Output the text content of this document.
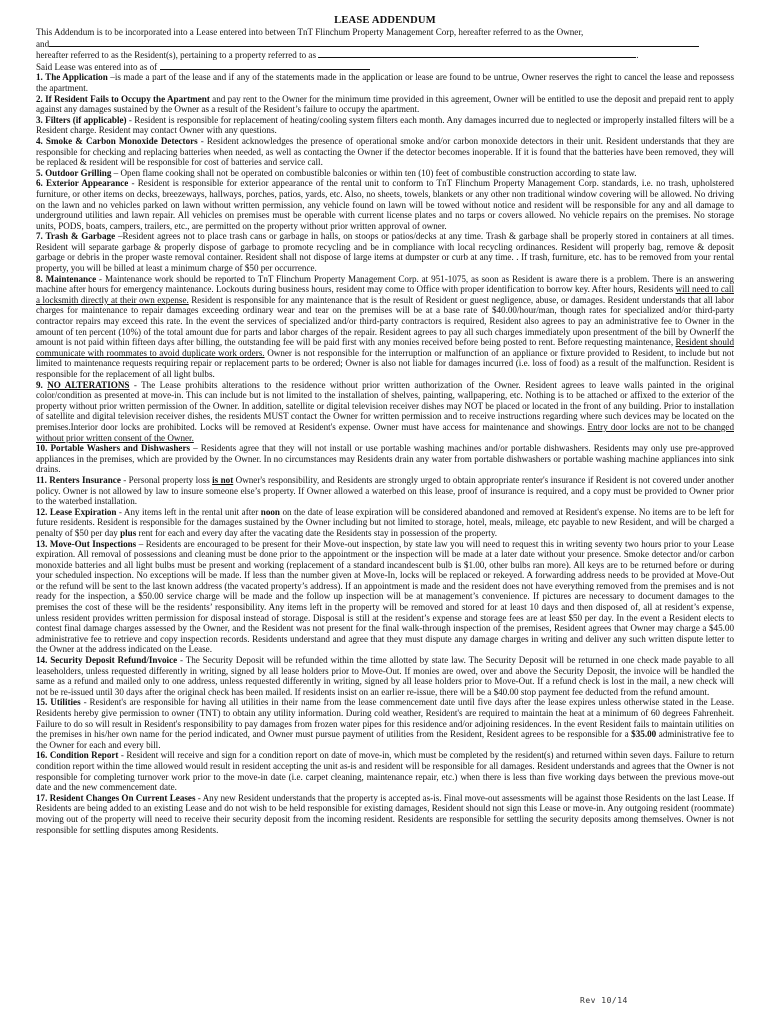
LEASE ADDENDUM
This Addendum is to be incorporated into a Lease entered into between TnT Flinchum Property Management Corp, hereafter referred to as the Owner,
and
hereafter referred to as the Resident(s), pertaining to a property referred to as	.
Said Lease was entered into as of

1. The Application –is made a part of the lease and if any of the statements made in the application or lease are found to be untrue, Owner reserves the right to cancel the lease and repossess the apartment.

2. If Resident Fails to Occupy the Apartment and pay rent to the Owner for the minimum time provided in this agreement, Owner will be entitled to use the deposit and prepaid rent to apply against any damages sustained by the Owner as a result of the Resident’s failure to occupy the apartment.

3. Filters (if applicable) - Resident is responsible for replacement of heating/cooling system filters each month. Any damages incurred due to neglected or improperly installed filters will be a Resident charge. Resident may contact Owner with any questions.

4. Smoke & Carbon Monoxide Detectors - Resident acknowledges the presence of operational smoke and/or carbon monoxide detectors in their unit. Resident understands that they are responsible for checking and replacing batteries when needed, as well as contacting the Owner if the detector becomes inoperable. If it is found that the batteries have been removed, they will be replaced & resident will be responsible for cost of batteries and service call.

5. Outdoor Grilling – Open flame cooking shall not be operated on combustible balconies or within ten (10) feet of combustible construction according to state law.

6. Exterior Appearance - Resident is responsible for exterior appearance of the rental unit to conform to TnT Flinchum Property Management Corp. standards, i.e. no trash, upholstered furniture, or other items on decks, breezeways, hallways, porches, patios, yards, etc. Also, no sheets, towels, blankets or any other non traditional window covering will be allowed. No driving on the lawn and no vehicles parked on lawn without written permission, any vehicle found on lawn will be towed without notice and resident will be responsible for any and all damage to underground utilities and lawn repair. All vehicles on premises must be operable with current license plates and no tarps or covers allowed. No vehicle repairs on the premises. No storage units, PODS, boats, campers, trailers, etc., are permitted on the property without prior written approval of owner.

7. Trash & Garbage –Resident agrees not to place trash cans or garbage in halls, on stoops or patios/decks at any time. Trash & garbage shall be properly stored in containers at all times. Resident will separate garbage & properly dispose of garbage to promote recycling and be in compliance with local recycling ordinances. Resident will properly bag, remove & deposit garbage or debris in the proper waste removal container. Resident shall not dispose of large items at dumpster or curb at any time. . If trash, furniture, etc. has to be removed from your rental property, you will be billed at least a minimum charge of $50 per occurrence.

8. Maintenance - Maintenance work should be reported to TnT Flinchum Property Management Corp. at 951-1075, as soon as Resident is aware there is a problem. There is an answering machine after hours for emergency maintenance. Lockouts during business hours, resident may come to Office with proper identification to borrow key. After hours, Residents will need to call a locksmith directly at their own expense. Resident is responsible for any maintenance that is the result of Resident or guest negligence, abuse, or damages. Resident understands that all labor charges for maintenance to repair damages exceeding ordinary wear and tear on the premises will be at a base rate of $40.00/hour/man, though rates for specialized and/or third-party contractor repairs may exceed this rate. In the event the services of specialized and/or third-party contractors is required, Resident also agrees to pay an administrative fee to Owner in the amount of ten percent (10%) of the total amount due for parts and labor charges of the repair. Resident agrees to pay all such charges immediately upon presentment of the bill by OwnerIf the amount is not paid within fifteen days after billing, the outstanding fee will be paid first with any monies received before being posted to rent. Before requesting maintenance, Resident should communicate with roommates to avoid duplicate work orders. Owner is not responsible for the interruption or malfunction of an appliance or fixture provided to Resident, to include but not limited to maintenance requests requiring repair or replacement parts to be ordered; Owner is also not liable for damages incurred (i.e. loss of food) as a result of the malfunction. Resident is responsible for the replacement of all light bulbs.

9. NO ALTERATIONS - The Lease prohibits alterations to the residence without prior written authorization of the Owner. Resident agrees to leave walls painted in the original color/condition as presented at move-in. This can include but is not limited to the installation of shelves, painting, wallpapering, etc. Nothing is to be attached or affixed to the exterior of the property without prior written permission of the Owner. In addition, satellite or digital television receiver dishes may NOT be placed or located in the front of any building. Prior to installation of satellite and digital television receiver dishes, the residents MUST contact the Owner for written permission and to receive instructions regarding where such devices may be located on the premises.Interior door locks are prohibited. Locks will be removed at Resident's expense. Owner must have access for maintenance and showings. Entry door locks are not to be changed without prior written consent of the Owner.

10. Portable Washers and Dishwashers – Residents agree that they will not install or use portable washing machines and/or portable dishwashers. Residents may only use pre-approved appliances in the premises, which are provided by the Owner. In no circumstances may Residents drain any water from portable dishwashers or portable washing machine appliances into sink drains.

11. Renters Insurance - Personal property loss is not Owner's responsibility, and Residents are strongly urged to obtain appropriate renter's insurance if Resident is not covered under another policy. Owner is not allowed by law to insure someone else’s property. If Owner allowed a waterbed on this lease, proof of insurance is required, and a copy must be provided to Owner prior to the waterbed installation.

12. Lease Expiration - Any items left in the rental unit after noon on the date of lease expiration will be considered abandoned and removed at Resident's expense. No items are to be left for future residents. Resident is responsible for the damages sustained by the Owner including but not limited to storage, hotel, meals, mileage, etc payable to new Resident, and will be charged a penalty of $50 per day plus rent for each and every day after the vacating date the Residents stay in possession of the property.

13. Move-Out Inspections – Residents are encouraged to be present for their Move-out inspection, by state law you will need to request this in writing seventy two hours prior to your Lease expiration. All removal of possessions and cleaning must be done prior to the appointment or the inspection will be made at a later date without your presence. Smoke detector and/or carbon monoxide batteries and all light bulbs must be present and working (replacement of a standard incandescent bulb is $1.00, other bulbs ran more). All keys are to be returned before or during your scheduled inspection. No exceptions will be made. If less than the number given at Move-In, locks will be replaced or rekeyed. A forwarding address needs to be provided at Move-Out or the refund will be sent to the last known address (the vacated property’s address). If an appointment is made and the resident does not have everything removed from the premises and is not ready for the inspection, a $50.00 service charge will be made and the follow up inspection will be at management’s convenience. If pictures are necessary to document damages to the premises the cost of these will be the residents’ responsibility. Any items left in the property will be removed and stored for at least 10 days and then disposed of, all at resident’s expense, unless resident provides written permission for disposal instead of storage. Disposal is still at the resident’s expense and storage fees are at least $50 per day. In the event a Resident elects to contest final damage charges assessed by the Owner, and the Resident was not present for the final walk-through inspection of the premises, Resident agrees that Owner may charge a $45.00 administrative fee to retrieve and copy inspection records. Residents understand and agree that they must dispute any damage charges in writing and deliver any such written dispute letter to the Owner at the address indicated on the Lease.

14. Security Deposit Refund/Invoice - The Security Deposit will be refunded within the time allotted by state law. The Security Deposit will be returned in one check made payable to all leaseholders, unless requested differently in writing, signed by all lease holders prior to Move-Out. If monies are owed, over and above the Security Deposit, the invoice will be handled the same as a refund and mailed only to one address, unless requested differently in writing, signed by all lease holders prior to Move-Out. If a refund check is lost in the mail, a new check will not be re-issued until 30 days after the original check has been mailed. If residents insist on an earlier re-issue, there will be a $40.00 stop payment fee deducted from the refund amount.

15. Utilities - Resident's are responsible for having all utilities in their name from the lease commencement date until five days after the lease expires unless otherwise stated in the Lease. Residents hereby give permission to owner (TNT) to obtain any utility information. During cold weather, Resident's are required to maintain the heat at a minimum of 60 degrees Fahrenheit. Failure to do so will result in Resident's responsibility to pay damages from frozen water pipes for this residence and/or adjoining residences. In the event Resident fails to maintain utilities on the premises in his/her own name for the period indicated, and Owner must pursue payment of utilities from the Resident, Resident agrees to be responsible for a $35.00 administrative fee to the Owner for each and every bill.

16. Condition Report - Resident will receive and sign for a condition report on date of move-in, which must be completed by the resident(s) and returned within seven days. Failure to return condition report within the time allowed would result in resident accepting the unit as-is and resident will be responsible for all damages. Resident understands and agrees that the Owner is not responsible for completing turnover work prior to the move-in date (i.e. carpet cleaning, maintenance repair, etc.) when there is less than five working days between the previous move-out date and the new commencement date.

17. Resident Changes On Current Leases - Any new Resident understands that the property is accepted as-is. Final move-out assessments will be against those Residents on the last Lease. If Residents are being added to an existing Lease and do not wish to be held responsible for existing damages, Resident should not sign this Lease or move-in. Any outgoing resident (roommate) moving out of the property will need to receive their security deposit from the incoming resident. Residents are responsible for settling the security deposits among themselves. Owner is not responsible for settling disputes among Residents.

Rev 10/14
